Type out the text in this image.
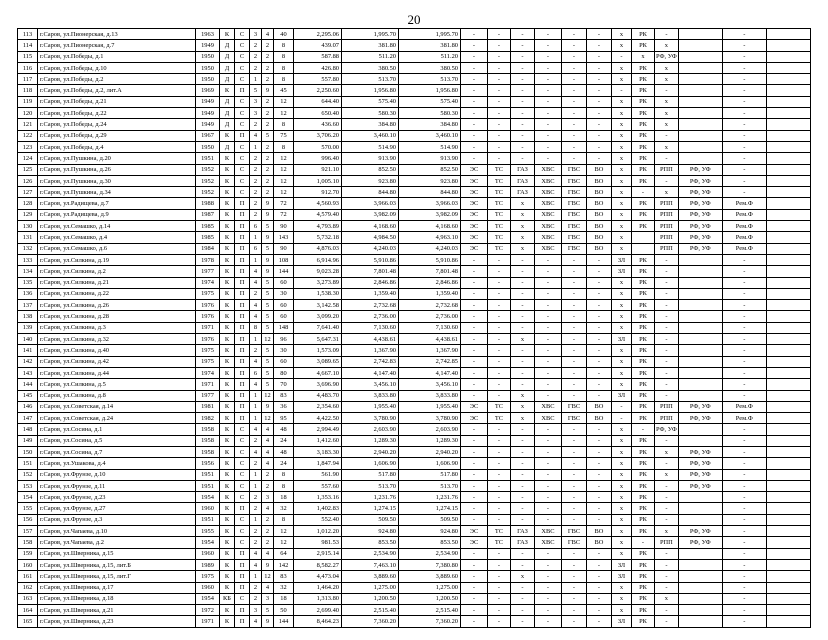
20
113	г.Саров, ул.Пионерская, д.13	1963	К	С	3	4	40	2,295.06	1,995.70	1,995.70	-	-	-	-	-	-	х	РК	-		-	
114	г.Саров, ул.Пионерская, д.7	1949	Д	С	2	2	8	439.07	381.80	381.80	-	-	-	-	-	-	х	РК	х		-	
115	г.Саров, ул.Победы, д.1	1950	Д	С	2	2	8	587.88	511.20	511.20	-	-	-	-	-	-	-	х	РФ, УФ		-	
116	г.Саров, ул.Победы, д.10	1950	Д	С	2	2	8	426.80	380.50	380.50	-	-	-	-	-	-	х	РК	х		-	
117	г.Саров, ул.Победы, д.2	1950	Д	С	1	2	8	557.80	513.70	513.70	-	-	-	-	-	-	х	РК	х		-	
118	г.Саров, ул.Победы, д.2, лит.А	1969	К	П	5	9	45	2,250.60	1,956.80	1,956.80	-	-	-	-	-	-	-	РК	-		-	
119	г.Саров, ул.Победы, д.21	1949	Д	С	3	2	12	644.40	575.40	575.40	-	-	-	-	-	-	х	РК	х		-	
120	г.Саров, ул.Победы, д.22	1949	Д	С	3	2	12	650.40	580.30	580.30	-	-	-	-	-	-	х	РК	х		-	
121	г.Саров, ул.Победы, д.24	1949	Д	С	2	2	8	436.60	384.80	384.80	-	-	-	-	-	-	х	РК	х		-	
122	г.Саров, ул.Победы, д.29	1967	К	П	4	5	75	3,706.20	3,460.10	3,460.10	-	-	-	-	-	-	х	РК	-		-	
123	г.Саров, ул.Победы, д.4	1950	Д	С	1	2	8	570.00	514.90	514.90	-	-	-	-	-	-	х	РК	х		-	
124	г.Саров, ул.Пушкина, д.20	1951	К	С	2	2	12	996.40	913.90	913.90	-	-	-	-	-	-	х	РК	-		-	
125	г.Саров, ул.Пушкина, д.26	1952	К	С	2	2	12	921.10	852.50	852.50	ЭС	ТС	ГАЗ	ХВС	ГВС	ВО	х	РК	РПП	РФ, УФ	-	
126	г.Саров, ул.Пушкина, д.30	1952	К	С	2	2	12	1,005.10	923.80	923.80	ЭС	ТС	ГАЗ	ХВС	ГВС	ВО	х	РК	-	РФ, УФ	-	
127	г.Саров, ул.Пушкина, д.34	1952	К	С	2	2	12	912.70	844.80	844.80	ЭС	ТС	ГАЗ	ХВС	ГВС	ВО	х	-	х	РФ, УФ	-	
128	г.Саров, ул.Радищева, д.7	1988	К	П	2	9	72	4,560.93	3,966.03	3,966.03	ЭС	ТС	х	ХВС	ГВС	ВО	х	РК	РПП	РФ, УФ	Рем.Ф	
129	г.Саров, ул.Радищева, д.9	1987	К	П	2	9	72	4,579.40	3,982.09	3,982.09	ЭС	ТС	х	ХВС	ГВС	ВО	х	РК	РПП	РФ, УФ	Рем.Ф	
130	г.Саров, ул.Семашко, д.14	1985	К	П	6	5	90	4,793.89	4,168.60	4,168.60	ЭС	ТС	х	ХВС	ГВС	ВО	х	РК	РПП	РФ, УФ	Рем.Ф	
131	г.Саров, ул.Семашко, д.4	1985	К	П	1	9	143	5,732.18	4,984.50	4,963.10	ЭС	ТС	х	ХВС	ГВС	ВО	х		РПП	РФ, УФ	Рем.Ф	
132	г.Саров, ул.Семашко, д.6	1984	К	П	6	5	90	4,876.03	4,240.03	4,240.03	ЭС	ТС	х	ХВС	ГВС	ВО	х		РПП	РФ, УФ	Рем.Ф	
133	г.Саров, ул.Силкина, д.19	1978	К	П	1	9	108	6,914.96	5,910.86	5,910.86	-	-	-	-	-	-	ЗЛ	РК	-		-	
134	г.Саров, ул.Силкина, д.2	1977	К	П	4	9	144	9,023.28	7,801.48	7,801.48	-	-	-	-	-	-	ЗЛ	РК	-		-	
135	г.Саров, ул.Силкина, д.21	1974	К	П	4	5	60	3,273.89	2,846.86	2,846.86	-	-	-	-	-	-	х	РК	-		-	
136	г.Саров, ул.Силкина, д.22	1975	К	П	2	5	30	1,538.30	1,359.40	1,359.40	-	-	-	-	-	-	х	РК	-		-	
137	г.Саров, ул.Силкина, д.26	1976	К	П	4	5	60	3,142.58	2,732.68	2,732.68	-	-	-	-	-	-	х	РК	-		-	
138	г.Саров, ул.Силкина, д.28	1976	К	П	4	5	60	3,099.20	2,736.00	2,736.00	-	-	-	-	-	-	х	РК	-		-	
139	г.Саров, ул.Силкина, д.3	1971	К	П	8	5	148	7,641.40	7,130.60	7,130.60	-	-	-	-	-	-	х	РК	-		-	
140	г.Саров, ул.Силкина, д.32	1976	К	П	1	12	96	5,647.31	4,438.61	4,438.61	-	-	х	-	-	-	ЗЛ	РК	-		-	
141	г.Саров, ул.Силкина, д.40	1975	К	П	2	5	30	1,573.09	1,367.90	1,367.90	-	-	-	-	-	-	х	РК	-		-	
142	г.Саров, ул.Силкина, д.42	1975	К	П	4	5	60	3,089.65	2,742.83	2,742.85	-	-	-	-	-	-	х	РК	-		-	
143	г.Саров, ул.Силкина, д.44	1974	К	П	6	5	80	4,667.10	4,147.40	4,147.40	-	-	-	-	-	-	х	РК	-		-	
144	г.Саров, ул.Силкина, д.5	1971	К	П	4	5	70	3,696.90	3,456.10	3,456.10	-	-	-	-	-	-	х	РК	-		-	
145	г.Саров, ул.Силкина, д.8	1977	К	П	1	12	83	4,483.70	3,833.80	3,833.80	-	-	х	-	-	-	ЗЛ	РК	-		-	
146	г.Саров, ул.Советская, д.14	1981	К	П	1	9	36	2,354.60	1,955.40	1,955.40	ЭС	ТС	х	ХВС	ГВС	ВО	-	РК	РПП	РФ, УФ	Рем.Ф	
147	г.Саров, ул.Советская, д.24	1982	К	П	1	12	95	4,422.50	3,780.90	3,780.90	ЭС	ТС	х	ХВС	ГВС	ВО	-	РК	РПП	РФ, УФ	Рем.Ф	
148	г.Саров, ул.Сосина, д.1	1958	К	С	4	4	48	2,994.49	2,603.90	2,603.90	-	-	-	-	-	-	х	-	РФ, УФ		-	
149	г.Саров, ул.Сосина, д.5	1958	К	С	2	4	24	1,412.60	1,289.30	1,289.30	-	-	-	-	-	-	х	РК	-		-	
150	г.Саров, ул.Сосина, д.7	1958	К	С	4	4	48	3,183.30	2,940.20	2,940.20	-	-	-	-	-	-	х	РК	х	РФ, УФ	-	
151	г.Саров, ул.Ушакова, д.4	1956	К	С	2	4	24	1,847.94	1,606.90	1,606.90	-	-	-	-	-	-	х	РК	-	РФ, УФ	-	
152	г.Саров, ул.Фрунзе, д.10	1951	К	С	1	2	8	561.90	517.80	517.80	-	-	-	-	-	-	х	РК	х	РФ, УФ	-	
153	г.Саров, ул.Фрунзе, д.11	1951	К	С	1	2	8	557.60	513.70	513.70	-	-	-	-	-	-	х	РК	-	РФ, УФ	-	
154	г.Саров, ул.Фрунзе, д.23	1954	К	С	2	3	18	1,353.16	1,231.76	1,231.76	-	-	-	-	-	-	х	РК	-		-	
155	г.Саров, ул.Фрунзе, д.27	1960	К	П	2	4	32	1,402.83	1,274.15	1,274.15	-	-	-	-	-	-	х	РК	-		-	
156	г.Саров, ул.Фрунзе, д.3	1951	К	С	1	2	8	552.40	509.50	509.50	-	-	-	-	-	-	х	РК	-		-	
157	г.Саров, ул.Чапаева, д.10	1955	К	С	2	2	12	1,012.20	924.80	924.80	ЭС	ТС	ГАЗ	ХВС	ГВС	ВО	х	РК	х	РФ, УФ	-	
158	г.Саров, ул.Чапаева, д.2	1954	К	С	2	2	12	981.53	853.50	853.50	ЭС	ТС	ГАЗ	ХВС	ГВС	ВО	х	-	РПП	РФ, УФ	-	
159	г.Саров, ул.Шверника, д.15	1960	К	П	4	4	64	2,915.14	2,534.90	2,534.90	-	-	-	-	-	-	х	РК	-		-	
160	г.Саров, ул.Шверника, д.15, лит.Б	1989	К	П	4	9	142	8,582.27	7,463.10	7,380.80	-	-	-	-	-	-	ЗЛ	РК	-		-	
161	г.Саров, ул.Шверника, д.15, лит.Г	1975	К	П	1	12	83	4,473.04	3,889.60	3,889.60	-	-	х	-	-	-	ЗЛ	РК	-		-	
162	г.Саров, ул.Шверника, д.17	1960	К	П	2	4	32	1,464.20	1,275.00	1,275.00	-	-	-	-	-	-	х	РК	-		-	
163	г.Саров, ул.Шверника, д.18	1954	КБ	С	2	3	18	1,313.80	1,200.50	1,200.50	-	-	-	-	-	-	х	РК	х		-	
164	г.Саров, ул.Шверника, д.21	1972	К	П	3	5	50	2,699.40	2,515.40	2,515.40	-	-	-	-	-	-	х	РК	-		-	
165	г.Саров, ул.Шверника, д.23	1971	К	П	4	9	144	8,464.23	7,360.20	7,360.20	-	-	-	-	-	-	ЗЛ	РК	-		-	
